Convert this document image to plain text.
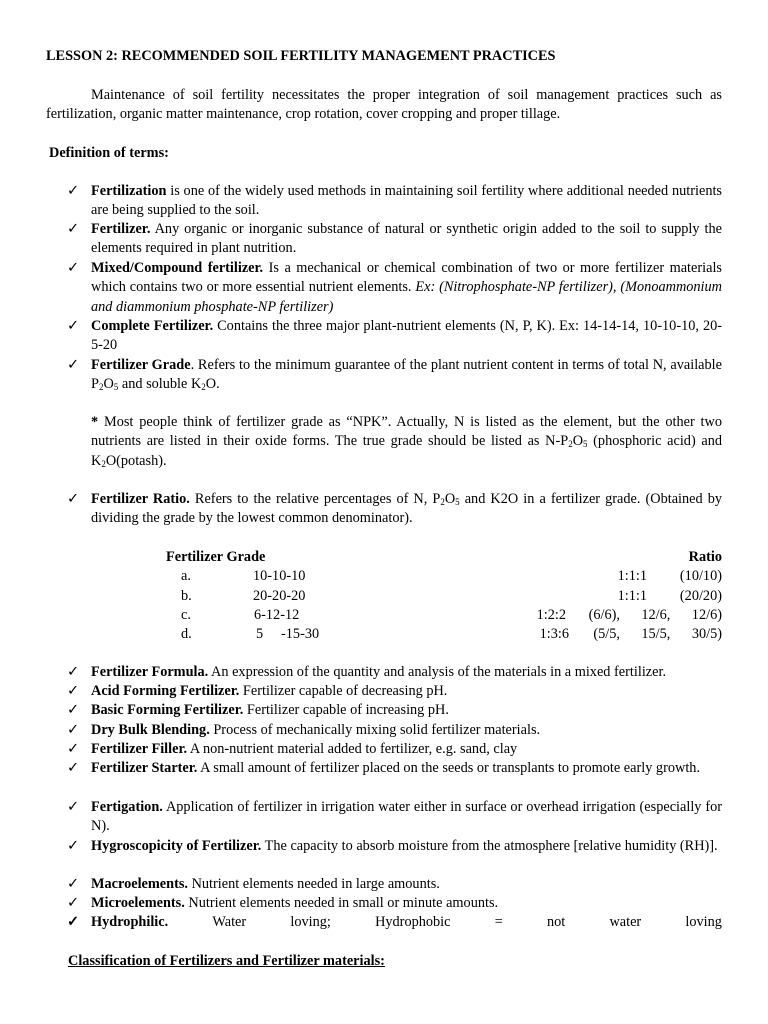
LESSON 2: RECOMMENDED SOIL FERTILITY MANAGEMENT PRACTICES
Maintenance of soil fertility necessitates the proper integration of soil management practices such as fertilization, organic matter maintenance, crop rotation, cover cropping and proper tillage.
Definition of terms:
✓ Fertilization is one of the widely used methods in maintaining soil fertility where additional needed nutrients are being supplied to the soil.
✓ Fertilizer. Any organic or inorganic substance of natural or synthetic origin added to the soil to supply the elements required in plant nutrition.
✓ Mixed/Compound fertilizer. Is a mechanical or chemical combination of two or more fertilizer materials which contains two or more essential nutrient elements. Ex: (Nitrophosphate-NP fertilizer), (Monoammonium and diammonium phosphate-NP fertilizer)
✓ Complete Fertilizer. Contains the three major plant-nutrient elements (N, P, K). Ex: 14-14-14, 10-10-10, 20-5-20
✓ Fertilizer Grade. Refers to the minimum guarantee of the plant nutrient content in terms of total N, available $P_2O_5$ and soluble $K_2O$.
* Most people think of fertilizer grade as “NPK”. Actually, N is listed as the element, but the other two nutrients are listed in their oxide forms. The true grade should be listed as $N-P_2O_5$ (phosphoric acid) and $K_2O(potash)$.
✓ Fertilizer Ratio. Refers to the relative percentages of N, $P_2O_5$ and K2O in a fertilizer grade. (Obtained by dividing the grade by the lowest common denominator).
Fertilizer Grade	Ratio
a.	10-10-10	1:1:1	(10/10)
b.	20-20-20	1:1:1	(20/20)
c.	6-12-12	1:2:2	(6/6),      12/6,      12/6)
d.	5     -15-30	1:3:6	(5/5,      15/5,      30/5)
✓ Fertilizer Formula. An expression of the quantity and analysis of the materials in a mixed fertilizer.
✓ Acid Forming Fertilizer. Fertilizer capable of decreasing pH.
✓ Basic Forming Fertilizer. Fertilizer capable of increasing pH.
✓ Dry Bulk Blending. Process of mechanically mixing solid fertilizer materials.
✓ Fertilizer Filler. A non-nutrient material added to fertilizer, e.g. sand, clay
✓ Fertilizer Starter. A small amount of fertilizer placed on the seeds or transplants to promote early growth.
✓ Fertigation. Application of fertilizer in irrigation water either in surface or overhead irrigation (especially for N).
✓ Hygroscopicity of Fertilizer. The capacity to absorb moisture from the atmosphere [relative humidity (RH)].
✓ Macroelements. Nutrient elements needed in large amounts.
✓ Microelements. Nutrient elements needed in small or minute amounts.
✓ Hydrophilic.	Water	loving;	Hydrophobic	=	not	water	loving
Classification of Fertilizers and Fertilizer materials:
